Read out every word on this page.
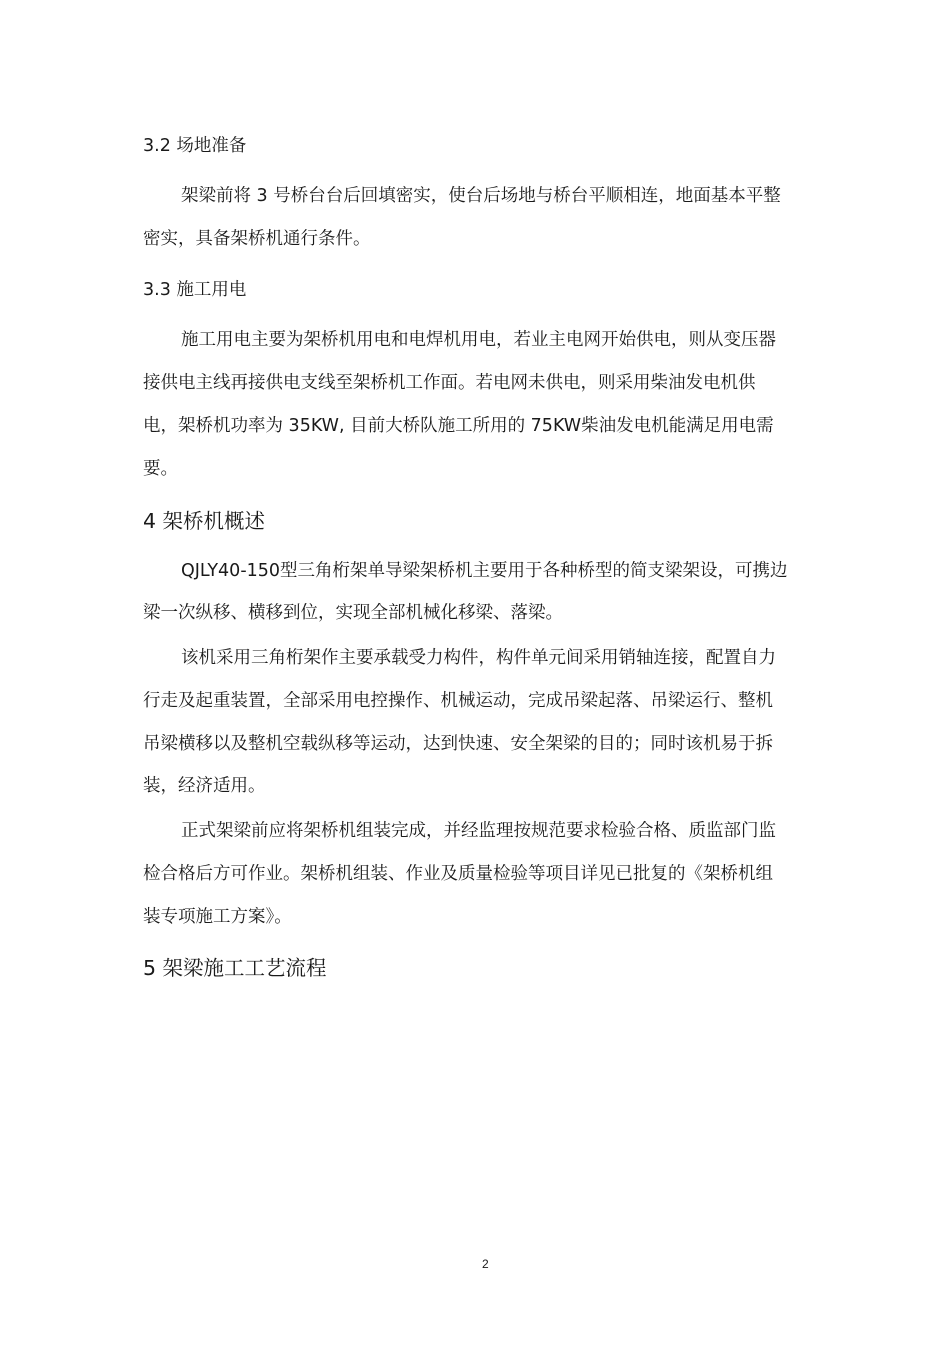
3.2 场地准备
架梁前将 3 号桥台台后回填密实，使台后场地与桥台平顺相连，地面基本平整
密实，具备架桥机通行条件。
3.3 施工用电
施工用电主要为架桥机用电和电焊机用电，若业主电网开始供电，则从变压器
接供电主线再接供电支线至架桥机工作面。若电网未供电，则采用柴油发电机供
电，架桥机功率为 35KW, 目前大桥队施工所用的 75KW柴油发电机能满足用电需
要。
4 架桥机概述
QJLY40-150型三角桁架单导梁架桥机主要用于各种桥型的简支梁架设，可携边
梁一次纵移、横移到位，实现全部机械化移梁、落梁。
该机采用三角桁架作主要承载受力构件，构件单元间采用销轴连接，配置自力
行走及起重装置，全部采用电控操作、机械运动，完成吊梁起落、吊梁运行、整机
吊梁横移以及整机空载纵移等运动，达到快速、安全架梁的目的；同时该机易于拆
装，经济适用。
正式架梁前应将架桥机组装完成，并经监理按规范要求检验合格、质监部门监
检合格后方可作业。架桥机组装、作业及质量检验等项目详见已批复的《架桥机组
装专项施工方案》。
5 架梁施工工艺流程
2
